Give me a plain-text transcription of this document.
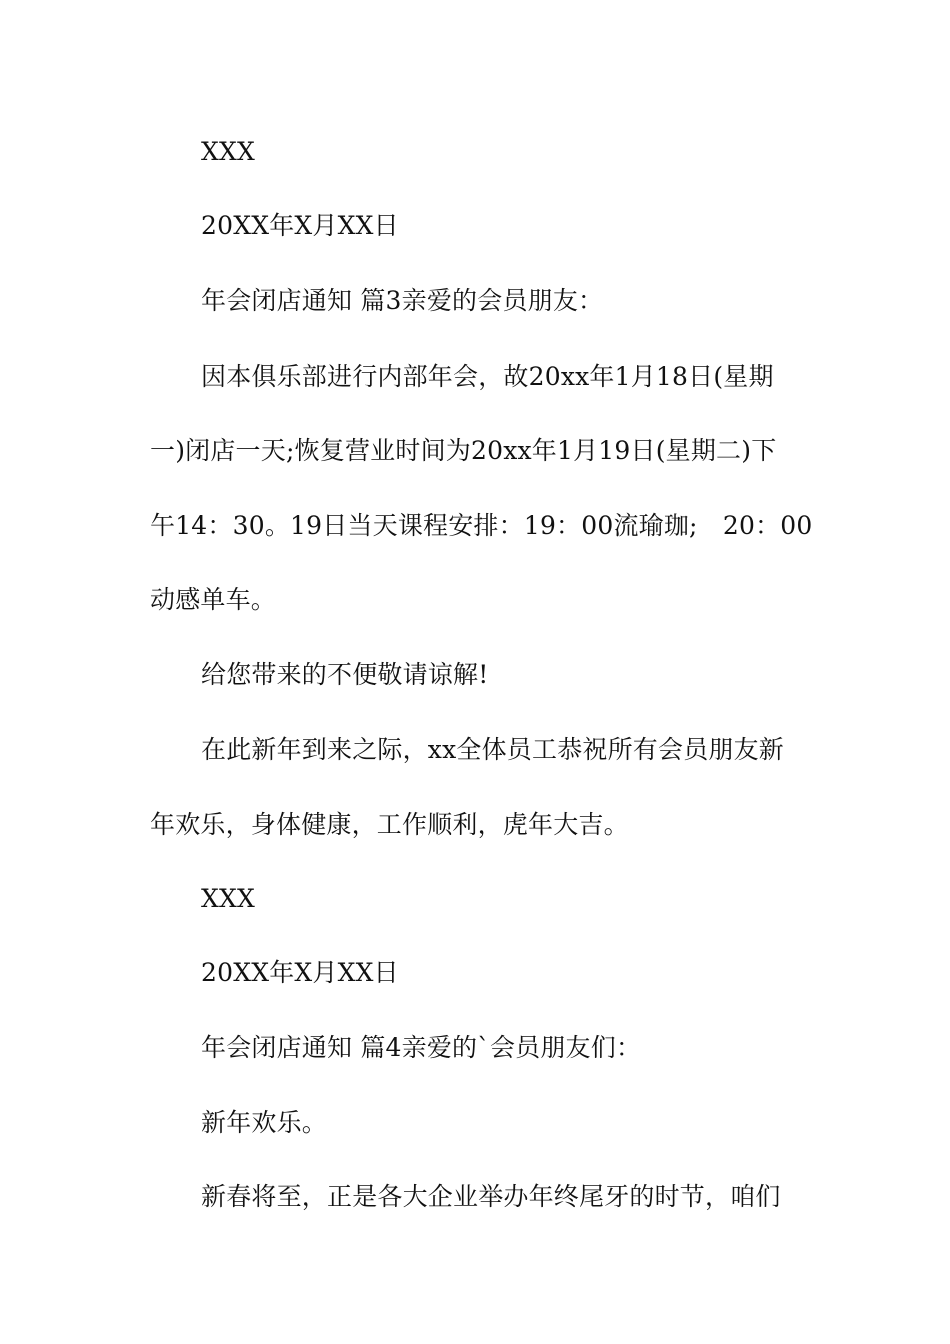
XXX
20XX年X月XX日
年会闭店通知 篇3亲爱的会员朋友：
因本俱乐部进行内部年会，故20xx年1月18日(星期
一)闭店一天;恢复营业时间为20xx年1月19日(星期二)下
午14：30。19日当天课程安排：19：00流瑜珈;　20：00
动感单车。
给您带来的不便敬请谅解!
在此新年到来之际，xx全体员工恭祝所有会员朋友新
年欢乐，身体健康，工作顺利，虎年大吉。
XXX
20XX年X月XX日
年会闭店通知 篇4亲爱的`会员朋友们：
新年欢乐。
新春将至，正是各大企业举办年终尾牙的时节，咱们
